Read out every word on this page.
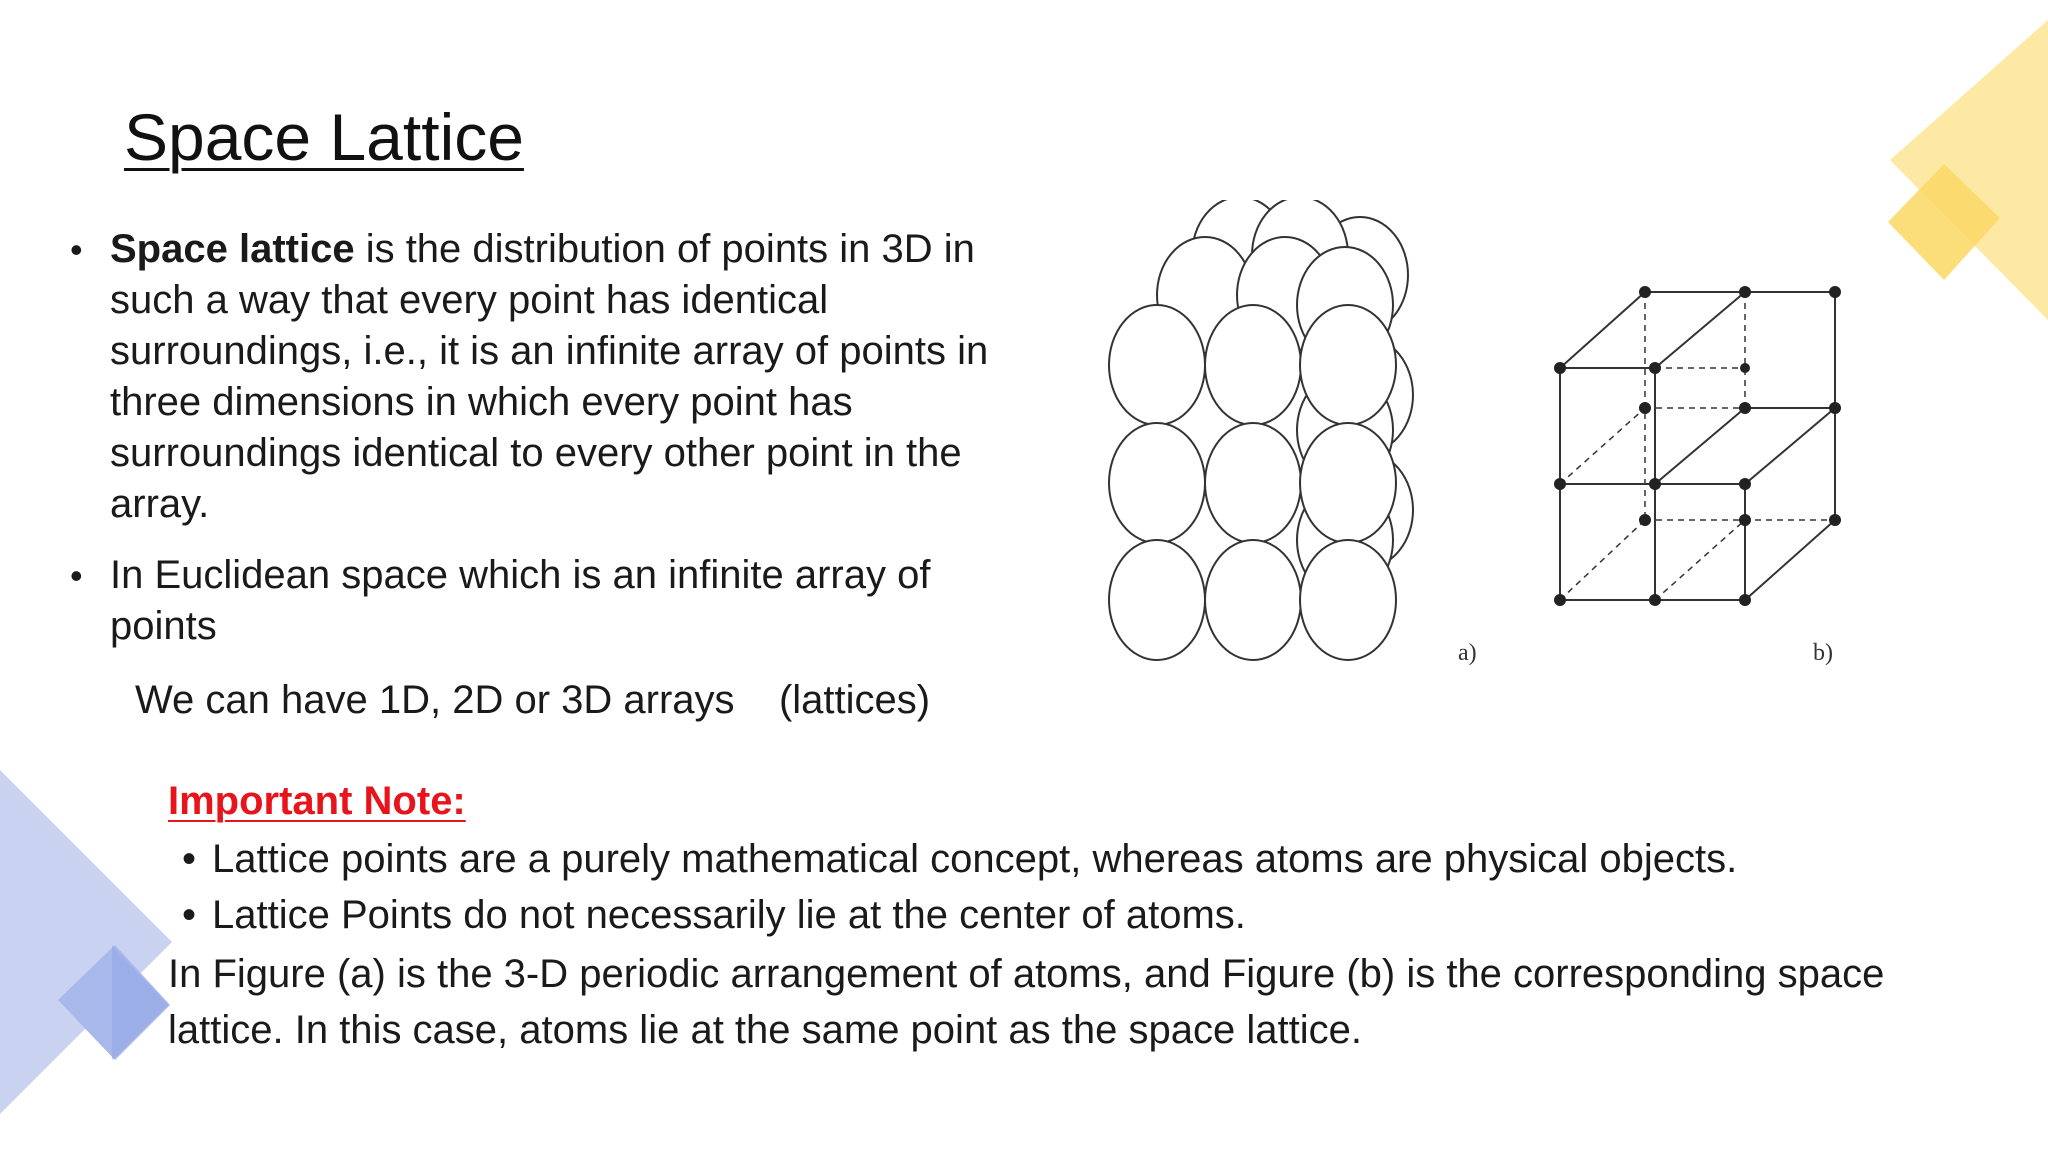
Space Lattice
• Space lattice is the distribution of points in 3D in such a way that every point has identical surroundings, i.e., it is an infinite array of points in three dimensions in which every point has surroundings identical to every other point in the array.
• In Euclidean space which is an infinite array of points
We can have 1D, 2D or 3D arrays    (lattices)
a)	b)
Important Note:
• Lattice points are a purely mathematical concept, whereas atoms are physical objects.
• Lattice Points do not necessarily lie at the center of atoms.
In Figure (a) is the 3-D periodic arrangement of atoms, and Figure (b) is the corresponding space lattice. In this case, atoms lie at the same point as the space lattice.
